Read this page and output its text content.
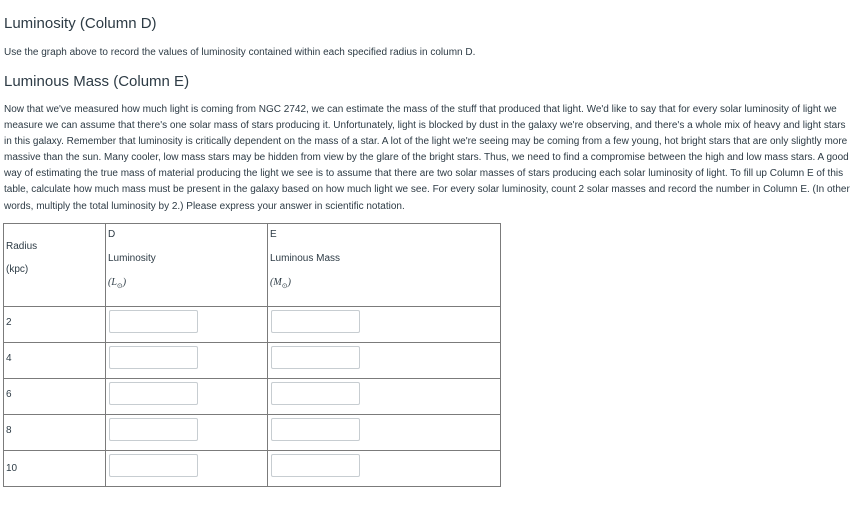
Luminosity (Column D)

Use the graph above to record the values of luminosity contained within each specified radius in column D.

Luminous Mass (Column E)

Now that we've measured how much light is coming from NGC 2742, we can estimate the mass of the stuff that produced that light. We'd like to say that for every solar luminosity of light we measure we can assume that there's one solar mass of stars producing it. Unfortunately, light is blocked by dust in the galaxy we're observing, and there's a whole mix of heavy and light stars in this galaxy. Remember that luminosity is critically dependent on the mass of a star. A lot of the light we're seeing may be coming from a few young, hot bright stars that are only slightly more massive than the sun. Many cooler, low mass stars may be hidden from view by the glare of the bright stars. Thus, we need to find a compromise between the high and low mass stars. A good way of estimating the true mass of material producing the light we see is to assume that there are two solar masses of stars producing each solar luminosity of light. To fill up Column E of this table, calculate how much mass must be present in the galaxy based on how much light we see. For every solar luminosity, count 2 solar masses and record the number in Column E. (In other words, multiply the total luminosity by 2.) Please express your answer in scientific notation.

Radius
(kpc)	D
Luminosity
$(L_⊙)$	E
Luminous Mass
$(M_⊙)$

2

4

6

8

10
